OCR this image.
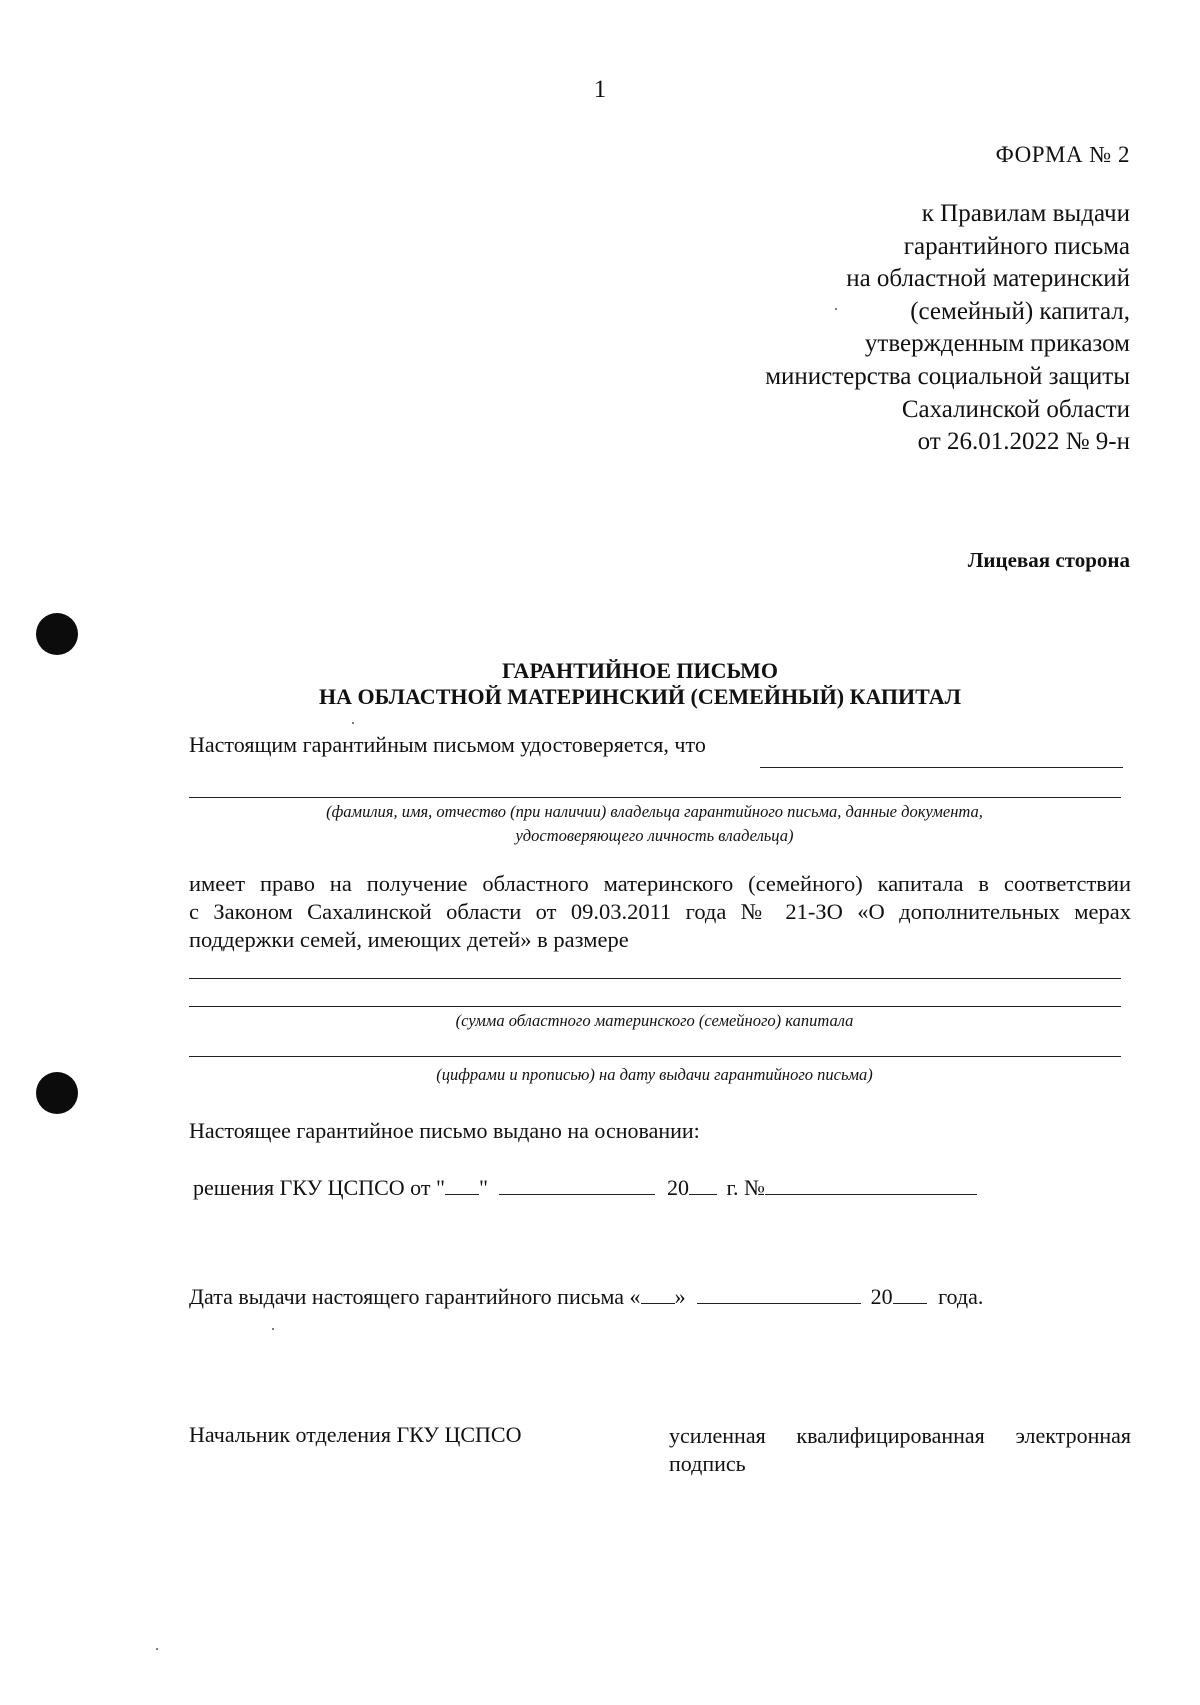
1
ФОРМА № 2
к Правилам выдачи
гарантийного письма
на областной материнский
(семейный) капитал,
утвержденным приказом
министерства социальной защиты
Сахалинской области
от 26.01.2022 № 9-н
Лицевая сторона
ГАРАНТИЙНОЕ ПИСЬМО
НА ОБЛАСТНОЙ МАТЕРИНСКИЙ (СЕМЕЙНЫЙ) КАПИТАЛ
Настоящим гарантийным письмом удостоверяется, что
(фамилия, имя, отчество (при наличии) владельца гарантийного письма, данные документа,
удостоверяющего личность владельца)
имеет право на получение областного материнского (семейного) капитала в соответствии
с Законом Сахалинской области от 09.03.2011 года № 21-ЗО «О дополнительных мерах
поддержки семей, имеющих детей» в размере
(сумма областного материнского (семейного) капитала
(цифрами и прописью) на дату выдачи гарантийного письма)
Настоящее гарантийное письмо выдано на основании:
решения ГКУ ЦСПСО от " "	20 г. №
Дата выдачи настоящего гарантийного письма « »	20 года.
Начальник отделения ГКУ ЦСПСО	усиленная квалифицированная электронная
подпись
